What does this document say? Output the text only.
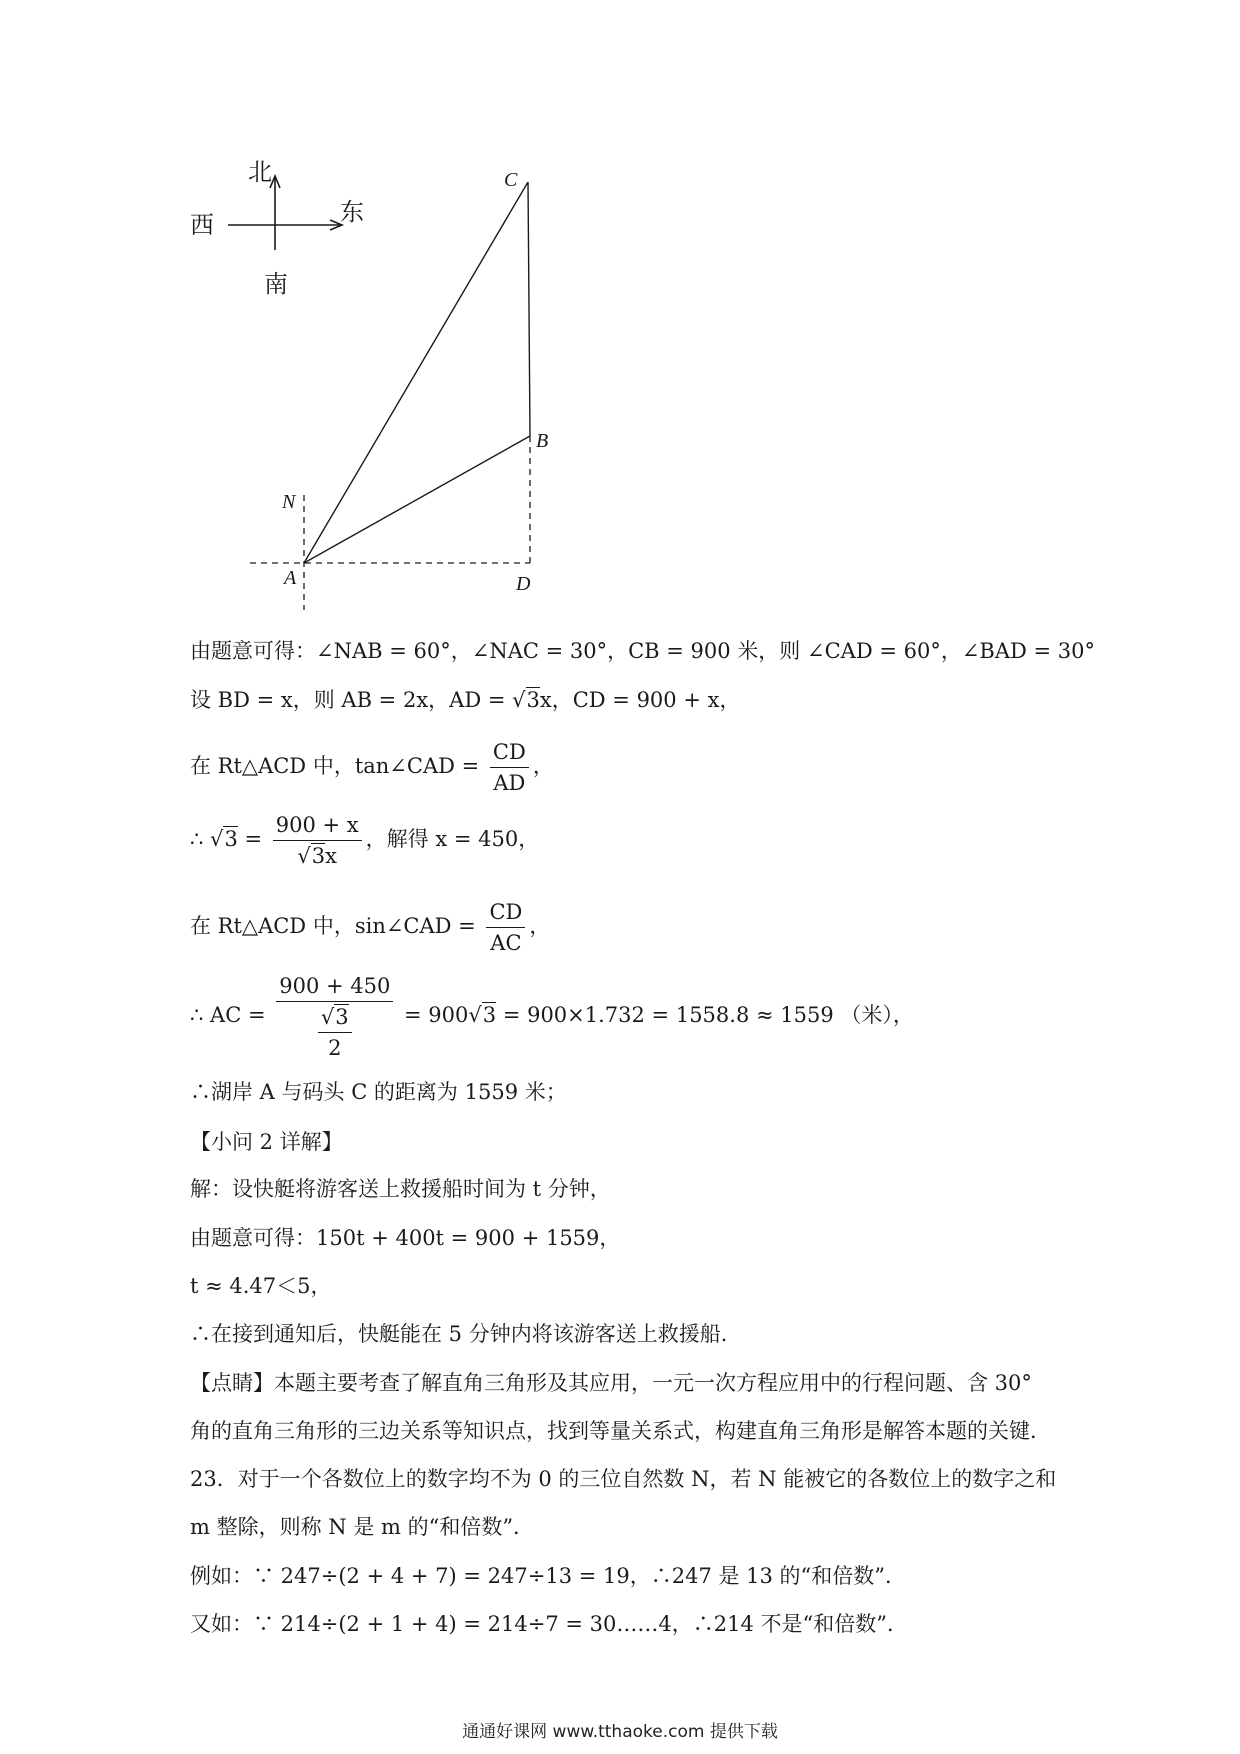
北
西	东
南
C
B
N
A	D
由题意可得：∠NAB = 60°，∠NAC = 30°，CB = 900 米，则 ∠CAD = 60°，∠BAD = 30°
设 BD = x，则 AB = 2x，AD = √3x，CD = 900 + x，
在 Rt△ACD 中，tan∠CAD = $\frac{CD}{AD}$ ，
∴ $√3 = \frac{900 + x}{√3x}$ ，解得 x = 450，
在 Rt△ACD 中，sin∠CAD = $\frac{CD}{AC}$ ，
∴ AC = $\frac{900 + 450}{\frac{√3}{2}} = 900√3 = 900\times 1.732 = 1558.8 \approx 1559$ （米），
∴湖岸 A 与码头 C 的距离为 1559 米；
【小问 2 详解】
解：设快艇将游客送上救援船时间为 t 分钟，
由题意可得：150t + 400t = 900 + 1559，
t ≈ 4.47＜5，
∴在接到通知后，快艇能在 5 分钟内将该游客送上救援船．
【点睛】本题主要考查了解直角三角形及其应用，一元一次方程应用中的行程问题、含 30°
角的直角三角形的三边关系等知识点，找到等量关系式，构建直角三角形是解答本题的关键．
23．对于一个各数位上的数字均不为 0 的三位自然数 N，若 N 能被它的各数位上的数字之和
m 整除，则称 N 是 m 的“和倍数”．
例如：∵ 247÷(2 + 4 + 7) = 247÷13 = 19，∴247 是 13 的“和倍数”．
又如：∵ 214÷(2 + 1 + 4) = 214÷7 = 30……4，∴214 不是“和倍数”．
通通好课网 www.tthaoke.com 提供下载
